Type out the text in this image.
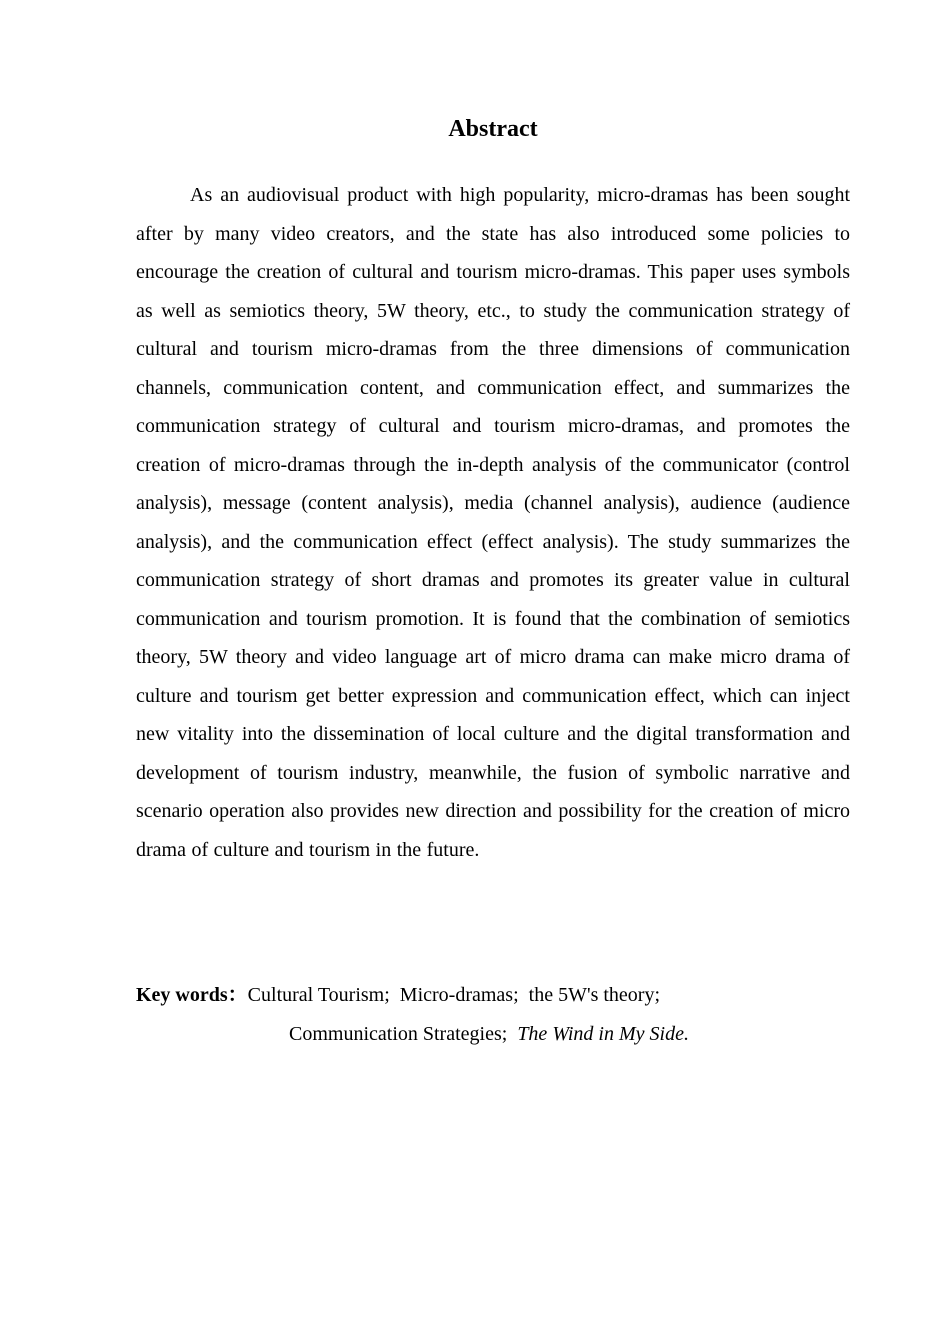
Abstract

As an audiovisual product with high popularity, micro-dramas has been sought after by many video creators, and the state has also introduced some policies to encourage the creation of cultural and tourism micro-dramas. This paper uses symbols as well as semiotics theory, 5W theory, etc., to study the communication strategy of cultural and tourism micro-dramas from the three dimensions of communication channels, communication content, and communication effect, and summarizes the communication strategy of cultural and tourism micro-dramas, and promotes the creation of micro-dramas through the in-depth analysis of the communicator (control analysis), message (content analysis), media (channel analysis), audience (audience analysis), and the communication effect (effect analysis). The study summarizes the communication strategy of short dramas and promotes its greater value in cultural communication and tourism promotion. It is found that the combination of semiotics theory, 5W theory and video language art of micro drama can make micro drama of culture and tourism get better expression and communication effect, which can inject new vitality into the dissemination of local culture and the digital transformation and development of tourism industry, meanwhile, the fusion of symbolic narrative and scenario operation also provides new direction and possibility for the creation of micro drama of culture and tourism in the future.

Key words：Cultural Tourism; Micro-dramas; the 5W's theory;
Communication Strategies; The Wind in My Side.
